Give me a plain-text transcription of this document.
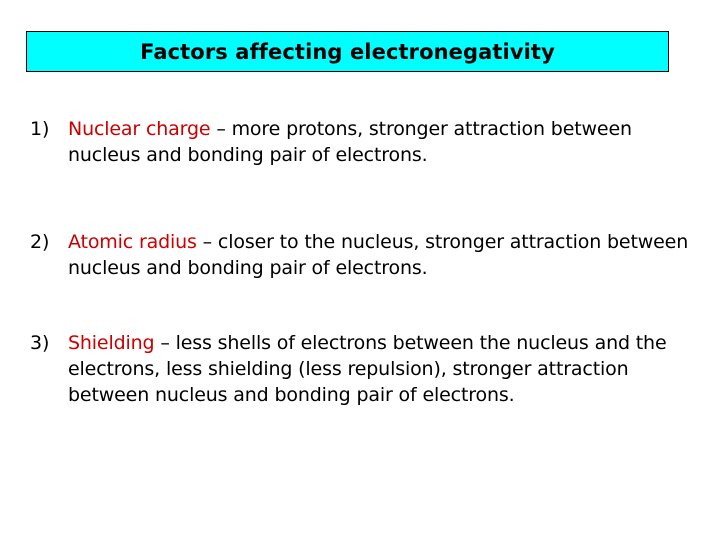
Factors affecting electronegativity
1) Nuclear charge – more protons, stronger attraction between nucleus and bonding pair of electrons.
2) Atomic radius – closer to the nucleus, stronger attraction between nucleus and bonding pair of electrons.
3) Shielding – less shells of electrons between the nucleus and the electrons, less shielding (less repulsion), stronger attraction between nucleus and bonding pair of electrons.
